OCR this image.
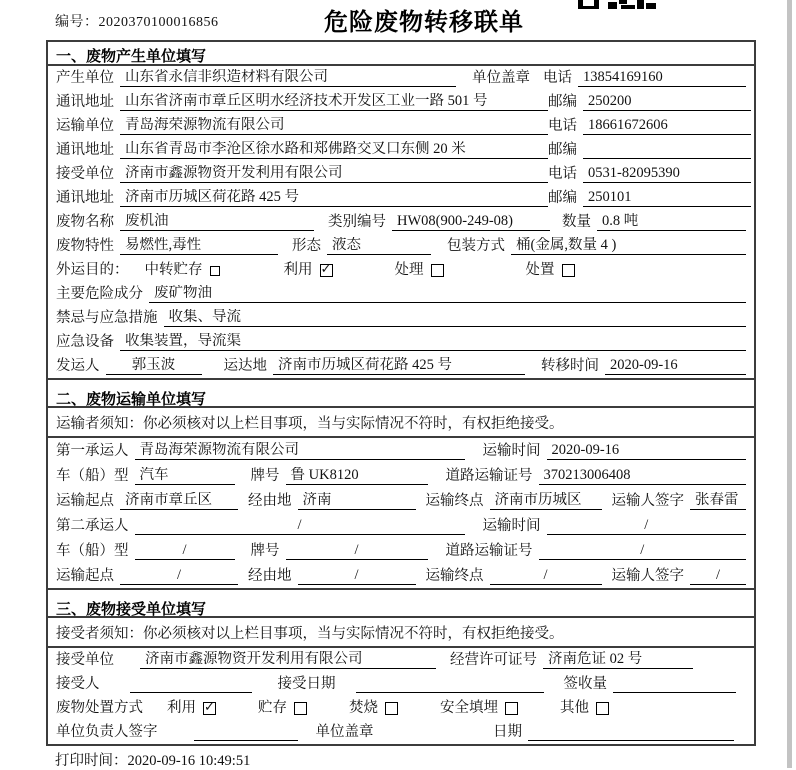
编号：2020370100016856	危险废物转移联单
一、废物产生单位填写
产生单位 山东省永信非织造材料有限公司	单位盖章 电话 13854169160
通讯地址 山东省济南市章丘区明水经济技术开发区工业一路 501 号	邮编 250200
运输单位 青岛海荣源物流有限公司	电话 18661672606
通讯地址 山东省青岛市李沧区徐水路和郑佛路交叉口东侧 20 米	邮编
接受单位 济南市鑫源物资开发利用有限公司	电话 0531-82095390
通讯地址 济南市历城区荷花路 425 号	邮编 250101
废物名称 废机油	类别编号 HW08(900-249-08)	数量 0.8 吨
废物特性 易燃性,毒性	形态 液态	包装方式 桶(金属,数量 4 )
外运目的： 中转贮存	利用 ✓	处理	处置
主要危险成分 废矿物油
禁忌与应急措施 收集、导流
应急设备 收集装置，导流渠
发运人	郭玉波	运达地 济南市历城区荷花路 425 号	转移时间 2020-09-16
二、废物运输单位填写
运输者须知：你必须核对以上栏目事项，当与实际情况不符时，有权拒绝接受。
第一承运人 青岛海荣源物流有限公司	运输时间 2020-09-16
车（船）型 汽车	牌号 鲁 UK8120	道路运输证号 370213006408
运输起点 济南市章丘区	经由地 济南	运输终点 济南市历城区	运输人签字 张春雷
第二承运人	/	运输时间	/
车（船）型	/	牌号	/	道路运输证号	/
运输起点	/	经由地	/	运输终点	/	运输人签字	/
三、废物接受单位填写
接受者须知：你必须核对以上栏目事项，当与实际情况不符时，有权拒绝接受。
接受单位	济南市鑫源物资开发利用有限公司	经营许可证号 济南危证 02 号
接受人	接受日期	签收量
废物处置方式 利用 ✓	贮存	焚烧	安全填埋	其他
单位负责人签字	单位盖章	日期
打印时间：2020-09-16 10:49:51
